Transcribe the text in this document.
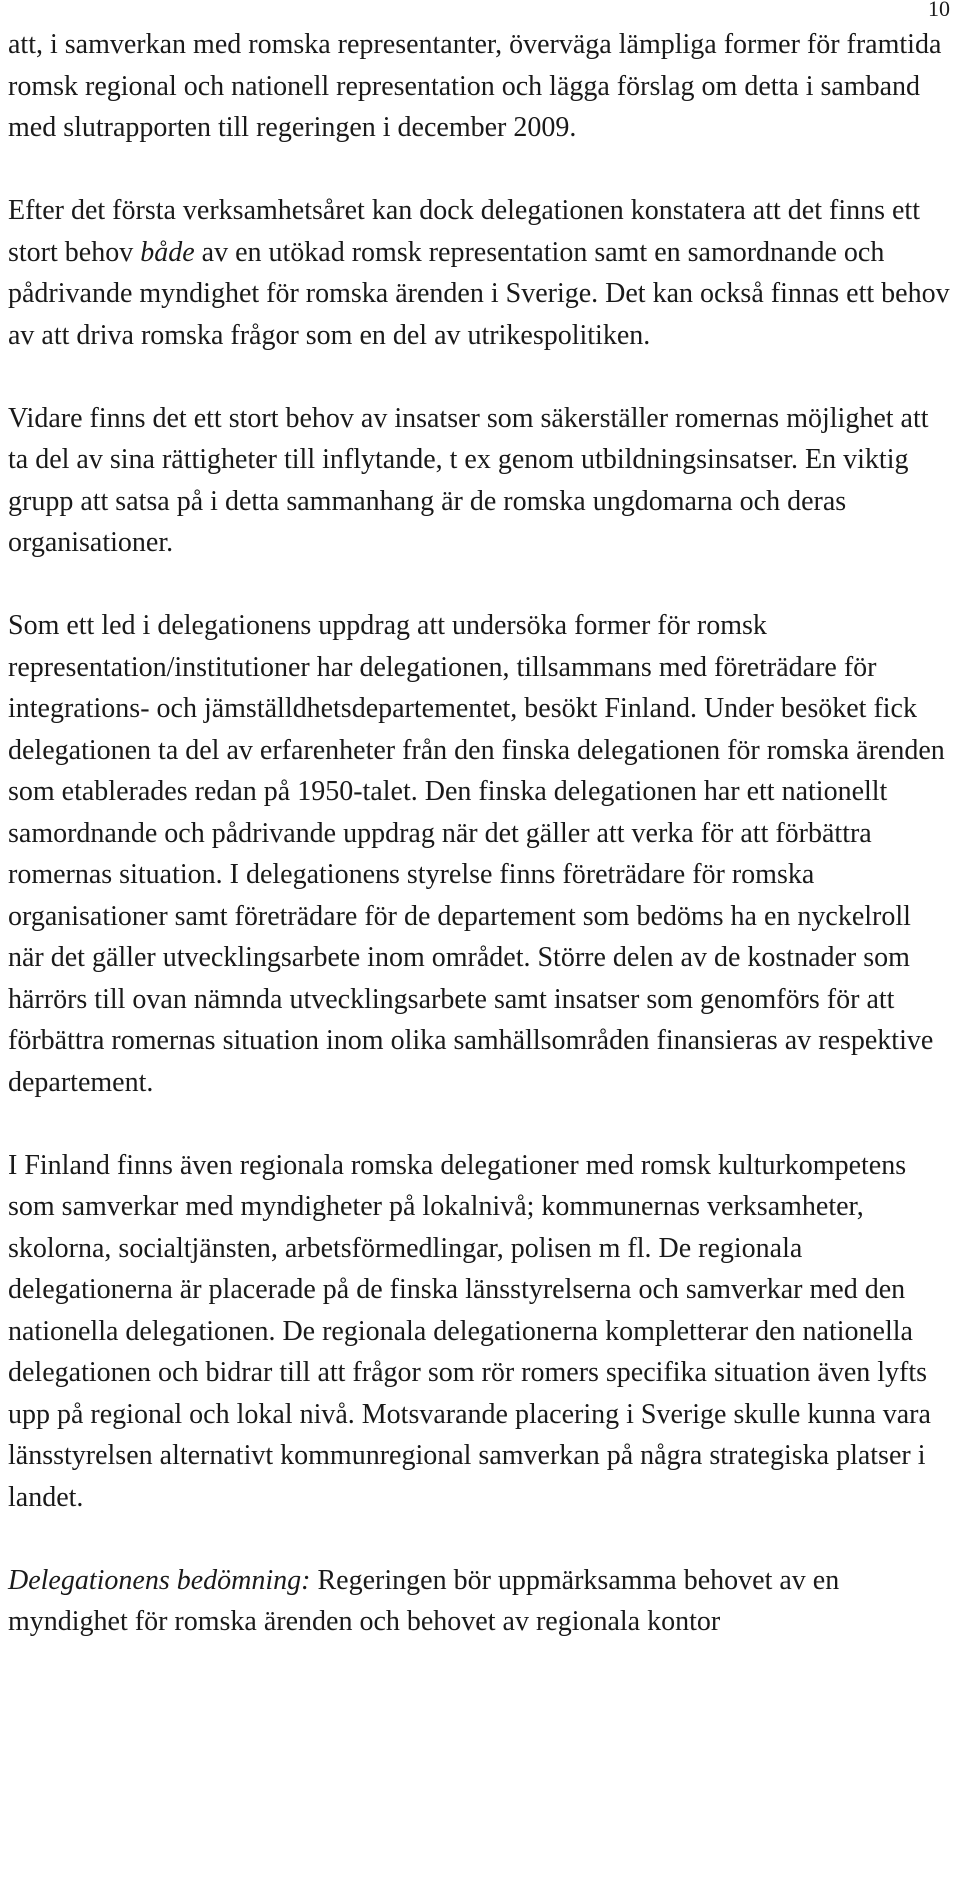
10

att, i samverkan med romska representanter, överväga lämpliga former för framtida romsk regional och nationell representation och lägga förslag om detta i samband med slutrapporten till regeringen i december 2009.

Efter det första verksamhetsåret kan dock delegationen konstatera att det finns ett stort behov både av en utökad romsk representation samt en samordnande och pådrivande myndighet för romska ärenden i Sverige. Det kan också finnas ett behov av att driva romska frågor som en del av utrikespolitiken.

Vidare finns det ett stort behov av insatser som säkerställer romernas möjlighet att ta del av sina rättigheter till inflytande, t ex genom utbildningsinsatser. En viktig grupp att satsa på i detta sammanhang är de romska ungdomarna och deras organisationer.

Som ett led i delegationens uppdrag att undersöka former för romsk representation/institutioner har delegationen, tillsammans med företrädare för integrations- och jämställdhetsdepartementet, besökt Finland. Under besöket fick delegationen ta del av erfarenheter från den finska delegationen för romska ärenden som etablerades redan på 1950-talet. Den finska delegationen har ett nationellt samordnande och pådrivande uppdrag när det gäller att verka för att förbättra romernas situation. I delegationens styrelse finns företrädare för romska organisationer samt företrädare för de departement som bedöms ha en nyckelroll när det gäller utvecklingsarbete inom området. Större delen av de kostnader som härrörs till ovan nämnda utvecklingsarbete samt insatser som genomförs för att förbättra romernas situation inom olika samhällsområden finansieras av respektive departement.

I Finland finns även regionala romska delegationer med romsk kulturkompetens som samverkar med myndigheter på lokalnivå; kommunernas verksamheter, skolorna, socialtjänsten, arbetsförmedlingar, polisen m fl. De regionala delegationerna är placerade på de finska länsstyrelserna och samverkar med den nationella delegationen. De regionala delegationerna kompletterar den nationella delegationen och bidrar till att frågor som rör romers specifika situation även lyfts upp på regional och lokal nivå. Motsvarande placering i Sverige skulle kunna vara länsstyrelsen alternativt kommunregional samverkan på några strategiska platser i landet.

Delegationens bedömning: Regeringen bör uppmärksamma behovet av en myndighet för romska ärenden och behovet av regionala kontor
